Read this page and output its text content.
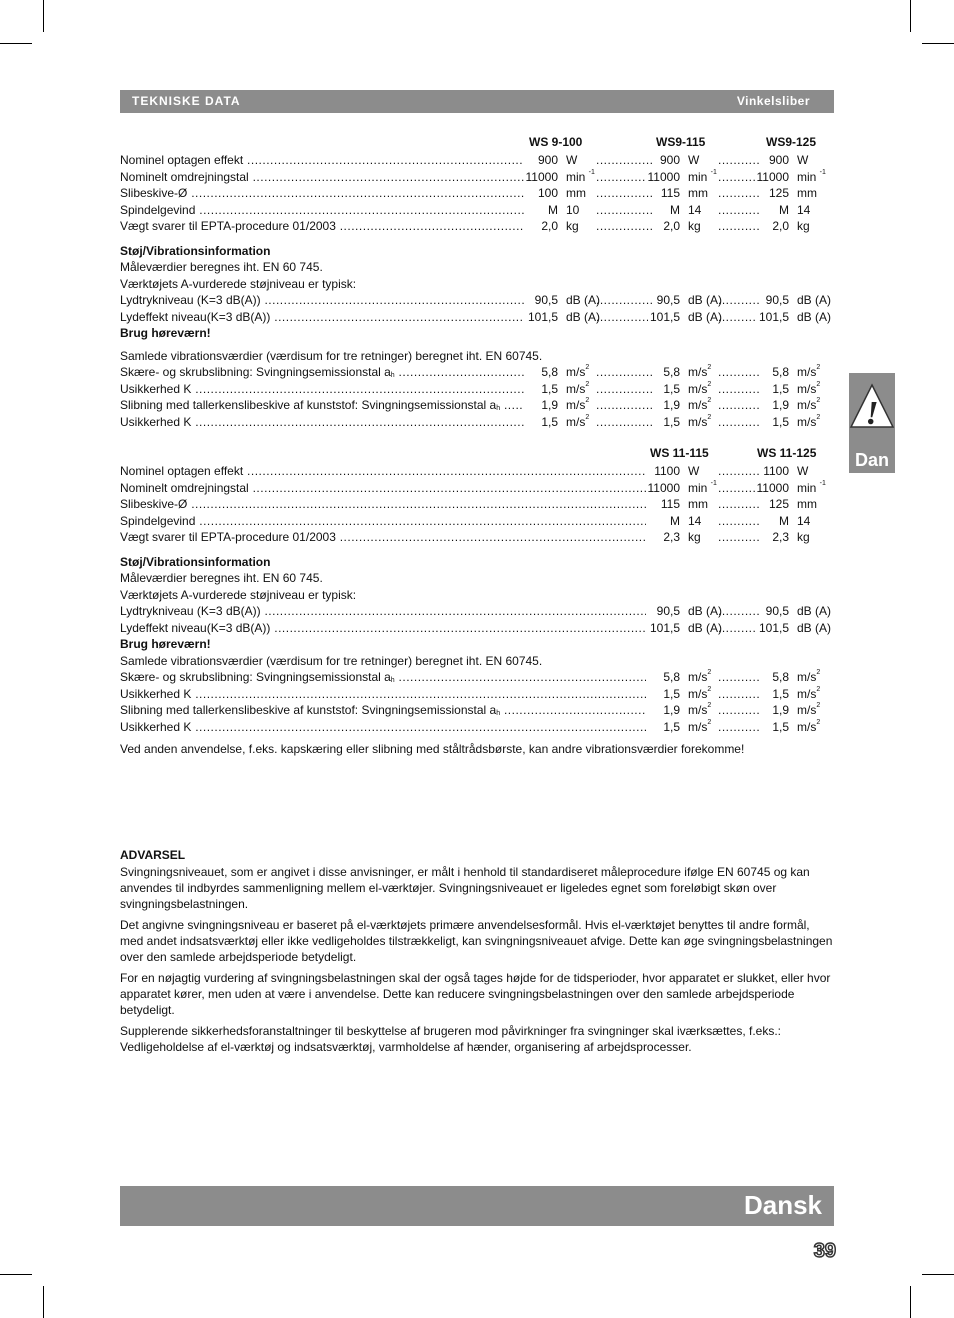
TEKNISKE DATA	Vinkelsliber
WS 9-100	WS9-115	WS9-125
Nominel optagen effekt .....	900 W .....	900 W .....	900 W
Nominelt omdrejningstal .....	11000 min $^{-1}$ .....	11000 min $^{-1}$ .....	11000 min $^{-1}$
Slibeskive-Ø .....	100 mm .....	115 mm .....	125 mm
Spindelgevind .....	M 10 .....	M 14 .....	M 14
Vægt svarer til EPTA-procedure 01/2003 .....	2,0 kg .....	2,0 kg .....	2,0 kg
Støj/Vibrationsinformation
Måleværdier beregnes iht. EN 60 745.
Værktøjets A-vurderede støjniveau er typisk:
Lydtrykniveau (K=3 dB(A)) .....	90,5 dB (A) .....	90,5 dB (A) .....	90,5 dB (A)
Lydeffekt niveau(K=3 dB(A)) .....	101,5 dB (A) .....	101,5 dB (A) .....	101,5 dB (A)
Brug høreværn!
Samlede vibrationsværdier (værdisum for tre retninger) beregnet iht. EN 60745.
Skære- og skrubslibning: Svingningsemissionstal ah .....	5,8 $m/s^2$ .....	5,8 $m/s^2$ .....	5,8 $m/s^2$
Usikkerhed K .....	1,5 $m/s^2$ .....	1,5 $m/s^2$ .....	1,5 $m/s^2$
Slibning med tallerkenslibeskive af kunststof: Svingningsemissionstal ah .....	1,9 $m/s^2$ .....	1,9 $m/s^2$ .....	1,9 $m/s^2$
Usikkerhed K .....	1,5 $m/s^2$ .....	1,5 $m/s^2$ .....	1,5 $m/s^2$
WS 11-115	WS 11-125
Nominel optagen effekt .....	1100 W .....	1100 W
Nominelt omdrejningstal .....	11000 min $^{-1}$ .....	11000 min $^{-1}$
Slibeskive-Ø .....	115 mm .....	125 mm
Spindelgevind .....	M 14 .....	M 14
Vægt svarer til EPTA-procedure 01/2003 .....	2,3 kg .....	2,3 kg
Støj/Vibrationsinformation
Måleværdier beregnes iht. EN 60 745.
Værktøjets A-vurderede støjniveau er typisk:
Lydtrykniveau (K=3 dB(A)) .....	90,5 dB (A) .....	90,5 dB (A)
Lydeffekt niveau(K=3 dB(A)) .....	101,5 dB (A) .....	101,5 dB (A)
Brug høreværn!
Samlede vibrationsværdier (værdisum for tre retninger) beregnet iht. EN 60745.
Skære- og skrubslibning: Svingningsemissionstal ah .....	5,8 $m/s^2$ .....	5,8 $m/s^2$
Usikkerhed K .....	1,5 $m/s^2$ .....	1,5 $m/s^2$
Slibning med tallerkenslibeskive af kunststof: Svingningsemissionstal ah .....	1,9 $m/s^2$ .....	1,9 $m/s^2$
Usikkerhed K .....	1,5 $m/s^2$ .....	1,5 $m/s^2$
Ved anden anvendelse, f.eks. kapskæring eller slibning med ståltrådsbørste, kan andre vibrationsværdier forekomme!
ADVARSEL
Svingningsniveauet, som er angivet i disse anvisninger, er målt i henhold til standardiseret måleprocedure ifølge EN 60745 og kan anvendes til indbyrdes sammenligning mellem el-værktøjer. Svingningsniveauet er ligeledes egnet som foreløbigt skøn over svingningsbelastningen.
Det angivne svingningsniveau er baseret på el-værktøjets primære anvendelsesformål. Hvis el-værktøjet benyttes til andre formål, med andet indsatsværktøj eller ikke vedligeholdes tilstrækkeligt, kan svingningsniveauet afvige. Dette kan øge svingningsbelastningen over den samlede arbejdsperiode betydeligt.
For en nøjagtig vurdering af svingningsbelastningen skal der også tages højde for de tidsperioder, hvor apparatet er slukket, eller hvor apparatet kører, men uden at være i anvendelse. Dette kan reducere svingningsbelastningen over den samlede arbejdsperiode betydeligt.
Supplerende sikkerhedsforanstaltninger til beskyttelse af brugeren mod påvirkninger fra svingninger skal iværksættes, f.eks.: Vedligeholdelse af el-værktøj og indsatsværktøj, varmholdelse af hænder, organisering af arbejdsprocesser.
!
Dan
Dansk
39
